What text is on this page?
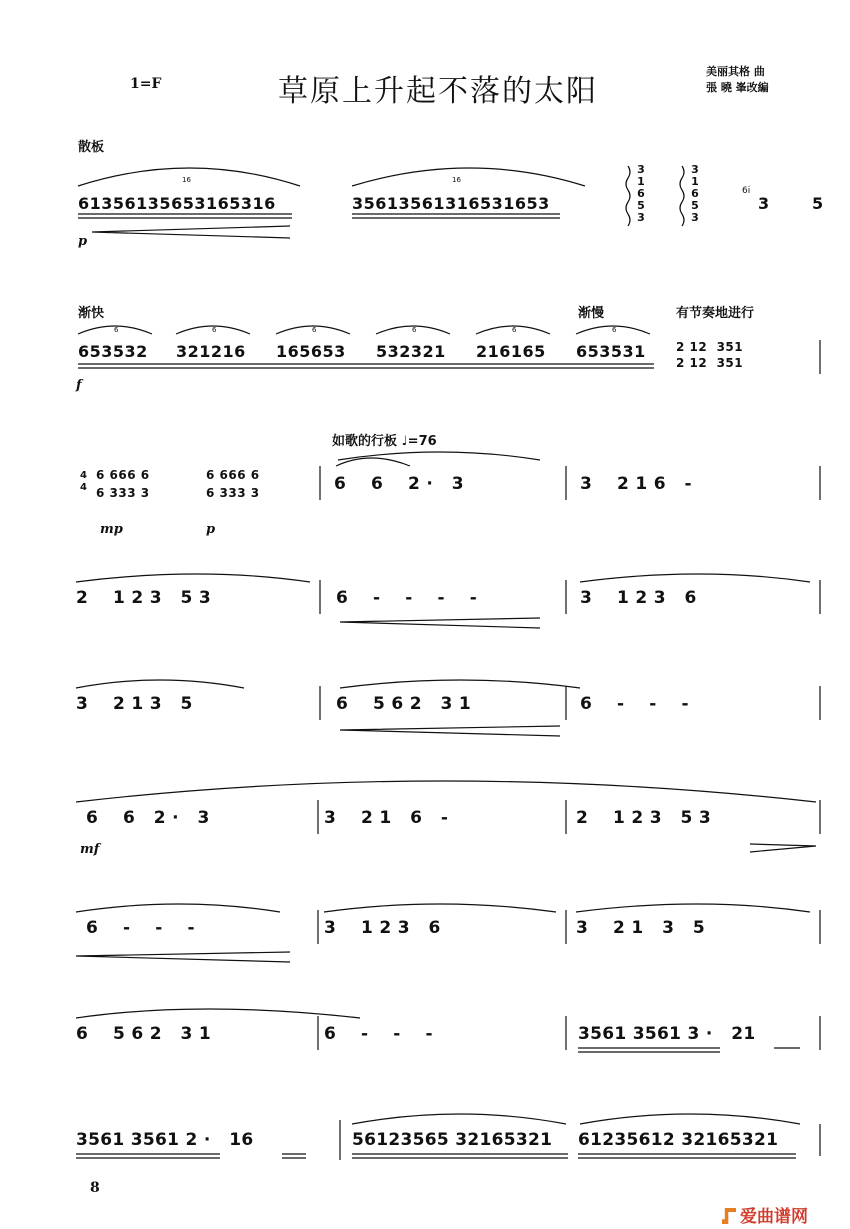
1=F	草原上升起不落的太阳
美丽其格 曲
張 曉 峯改編
散板
16	16
61356135653165316	35613561316531653
3
1
6
5
3
3
1
6
5
3
6i
3	5
p
渐快	渐慢	有节奏地进行
6
653532
6
321216
6
165653
6
532321
6
216165
6
653531	2 12  351
2 12  351
f
如歌的行板 ♩=76
4
4
6 666 6
6 333 3
6 666 6
6 333 3
mp	p
6    6    2 ·   3	3    2 1 6   -
2    1 2 3   5 3	6    -    -    -    -	3    1 2 3   6
3    2 1 3   5	6    5 6 2   3 1	6    -    -    -
6    6   2 ·   3	3    2 1   6   -	2    1 2 3   5 3
mf
6    -    -    -	3    1 2 3   6	3    2 1   3   5
6    5 6 2   3 1	6    -    -    -	3561 3561 3 ·   21
3561 3561 2 ·   16	56123565 32165321 61235612 32165321
8
爱曲谱网
